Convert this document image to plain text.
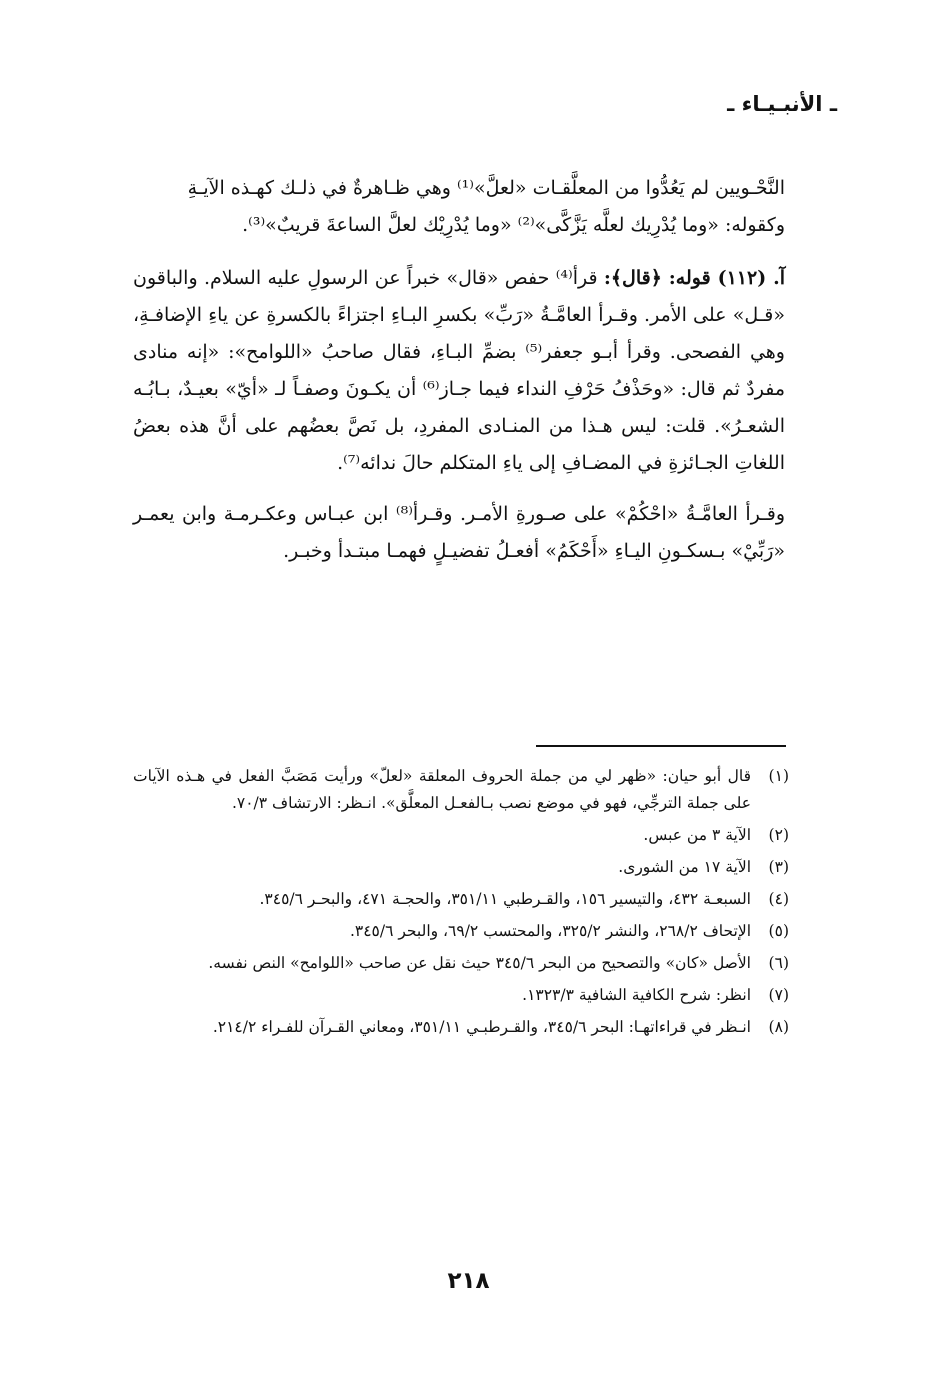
ـ الأنبـيـاء ـ

النَّحْـويين لم يَعُدُّوا من المعلَّقـات «لعلَّ»⁽¹⁾ وهي ظـاهرةٌ في ذلـك كهـذه الآيـةِ
وكقوله: «وما يُدْرِيك لعلَّه يَزَّكَّى»⁽²⁾ «وما يُدْرِيْك لعلَّ الساعةَ قريبٌ»⁽³⁾.

آ. (١١٢) قوله: ﴿قال﴾: قرأ⁽⁴⁾ حفص «قال» خبراً عن الرسولِ عليه السلام. والباقون «قـل» على الأمر. وقـرأ العامَّـةُ «رَبِّ» بكسرِ البـاءِ اجتزاءً بالكسرةِ عن ياءِ الإضافـةِ، وهي الفصحى. وقرأ أبـو جعفر⁽⁵⁾ بضمِّ البـاءِ، فقال صاحبُ «اللوامح»: «إنه منادى مفردٌ ثم قال: «وحَذْفُ حَرْفِ النداء فيما جـاز⁽⁶⁾ أن يكـونَ وصفـاً لـ «أيّ» بعيـدٌ، بـابُـه الشعـرُ». قلت: ليس هـذا من المنـادى المفردِ، بل نَصَّ بعضُهم على أنَّ هذه بعضُ اللغاتِ الجـائزةِ في المضـافِ إلى ياءِ المتكلم حالَ ندائه⁽⁷⁾.

وقـرأ العامَّـةُ «احْكُمْ» على صـورةِ الأمـر. وقـرأ⁽⁸⁾ ابن عبـاس وعكـرمـة وابن يعمـر «رَبِّيْ» بـسكـونِ اليـاءِ «أَحْكَمُ» أفعـلُ تفضيـلٍ فهمـا مبتـدأ وخبـر.

(١)
قال أبو حيان: «ظهر لي من جملة الحروف المعلقة «لعلّ» ورأيت مَصَبَّ الفعل في هـذه الآيات على جملة الترجِّي، فهو في موضع نصب بـالفعـل المعلَّق». انـظر: الارتشاف ٧٠/٣.
(٢)
الآية ٣ من عبس.
(٣)
الآية ١٧ من الشورى.
(٤)
السبعـة ٤٣٢، والتيسير ١٥٦، والقـرطبي ٣٥١/١١، والحجـة ٤٧١، والبحـر ٣٤٥/٦.
(٥)
الإتحاف ٢٦٨/٢، والنشر ٣٢٥/٢، والمحتسب ٦٩/٢، والبحر ٣٤٥/٦.
(٦)
الأصل «كان» والتصحيح من البحر ٣٤٥/٦ حيث نقل عن صاحب «اللوامح» النص نفسه.
(٧)
انظر: شرح الكافية الشافية ١٣٢٣/٣.
(٨)
انـظر في قراءاتهـا: البحر ٣٤٥/٦، والقـرطبـي ٣٥١/١١، ومعاني القـرآن للفـراء ٢١٤/٢.
٢١٨
